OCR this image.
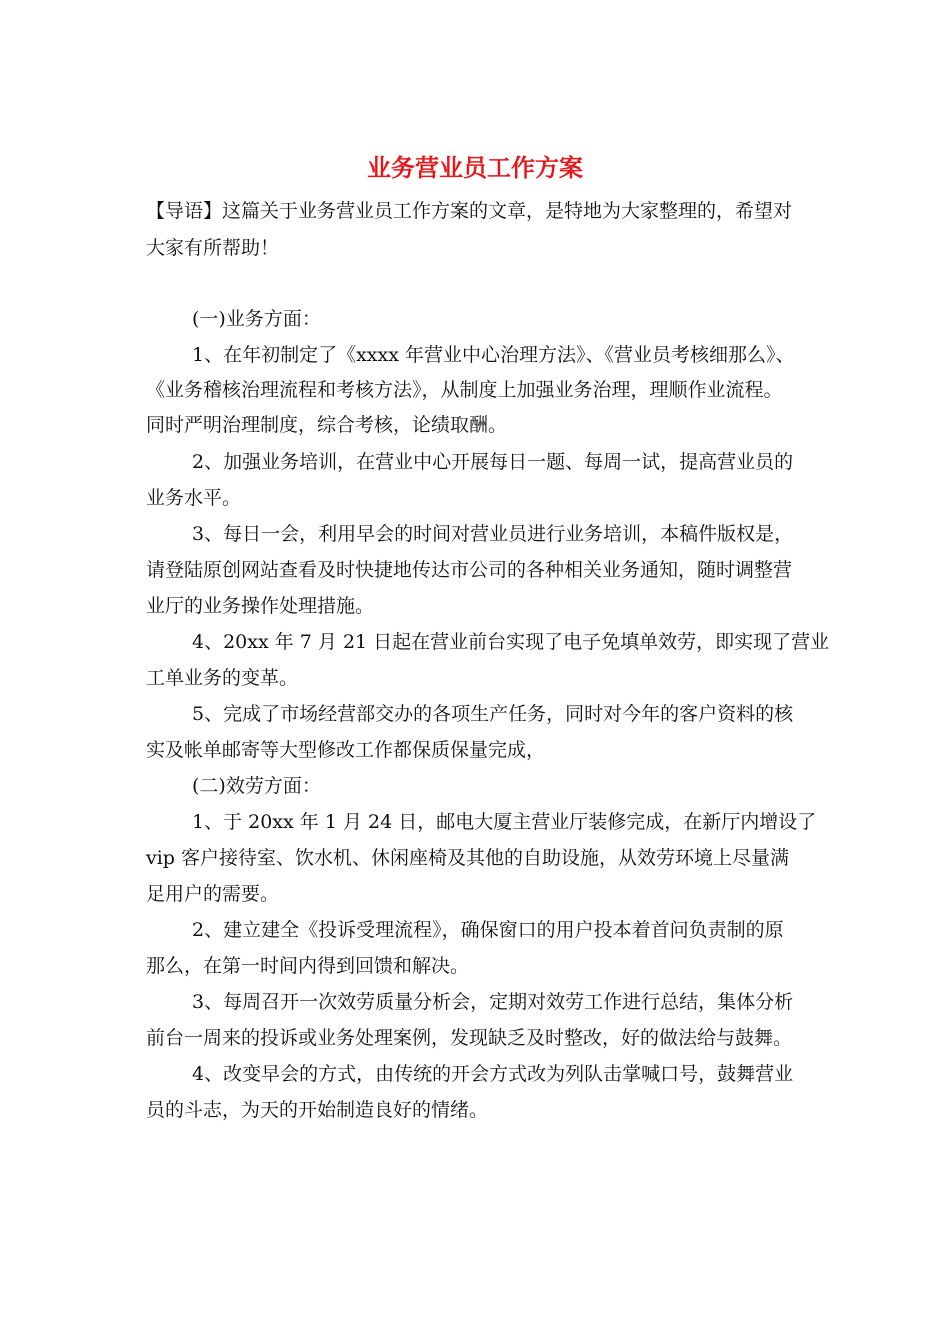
业务营业员工作方案
【导语】这篇关于业务营业员工作方案的文章，是特地为大家整理的，希望对
大家有所帮助！
(一)业务方面：
1、在年初制定了《xxxx 年营业中心治理方法》、《营业员考核细那么》、
《业务稽核治理流程和考核方法》，从制度上加强业务治理，理顺作业流程。
同时严明治理制度，综合考核，论绩取酬。
2、加强业务培训，在营业中心开展每日一题、每周一试，提高营业员的
业务水平。
3、每日一会，利用早会的时间对营业员进行业务培训，本稿件版权是，
请登陆原创网站查看及时快捷地传达市公司的各种相关业务通知，随时调整营
业厅的业务操作处理措施。
4、20xx 年 7 月 21 日起在营业前台实现了电子免填单效劳，即实现了营业
工单业务的变革。
5、完成了市场经营部交办的各项生产任务，同时对今年的客户资料的核
实及帐单邮寄等大型修改工作都保质保量完成，
(二)效劳方面：
1、于 20xx 年 1 月 24 日，邮电大厦主营业厅装修完成，在新厅内增设了
vip 客户接待室、饮水机、休闲座椅及其他的自助设施，从效劳环境上尽量满
足用户的需要。
2、建立建全《投诉受理流程》，确保窗口的用户投本着首问负责制的原
那么，在第一时间内得到回馈和解决。
3、每周召开一次效劳质量分析会，定期对效劳工作进行总结，集体分析
前台一周来的投诉或业务处理案例，发现缺乏及时整改，好的做法给与鼓舞。
4、改变早会的方式，由传统的开会方式改为列队击掌喊口号，鼓舞营业
员的斗志，为天的开始制造良好的情绪。
